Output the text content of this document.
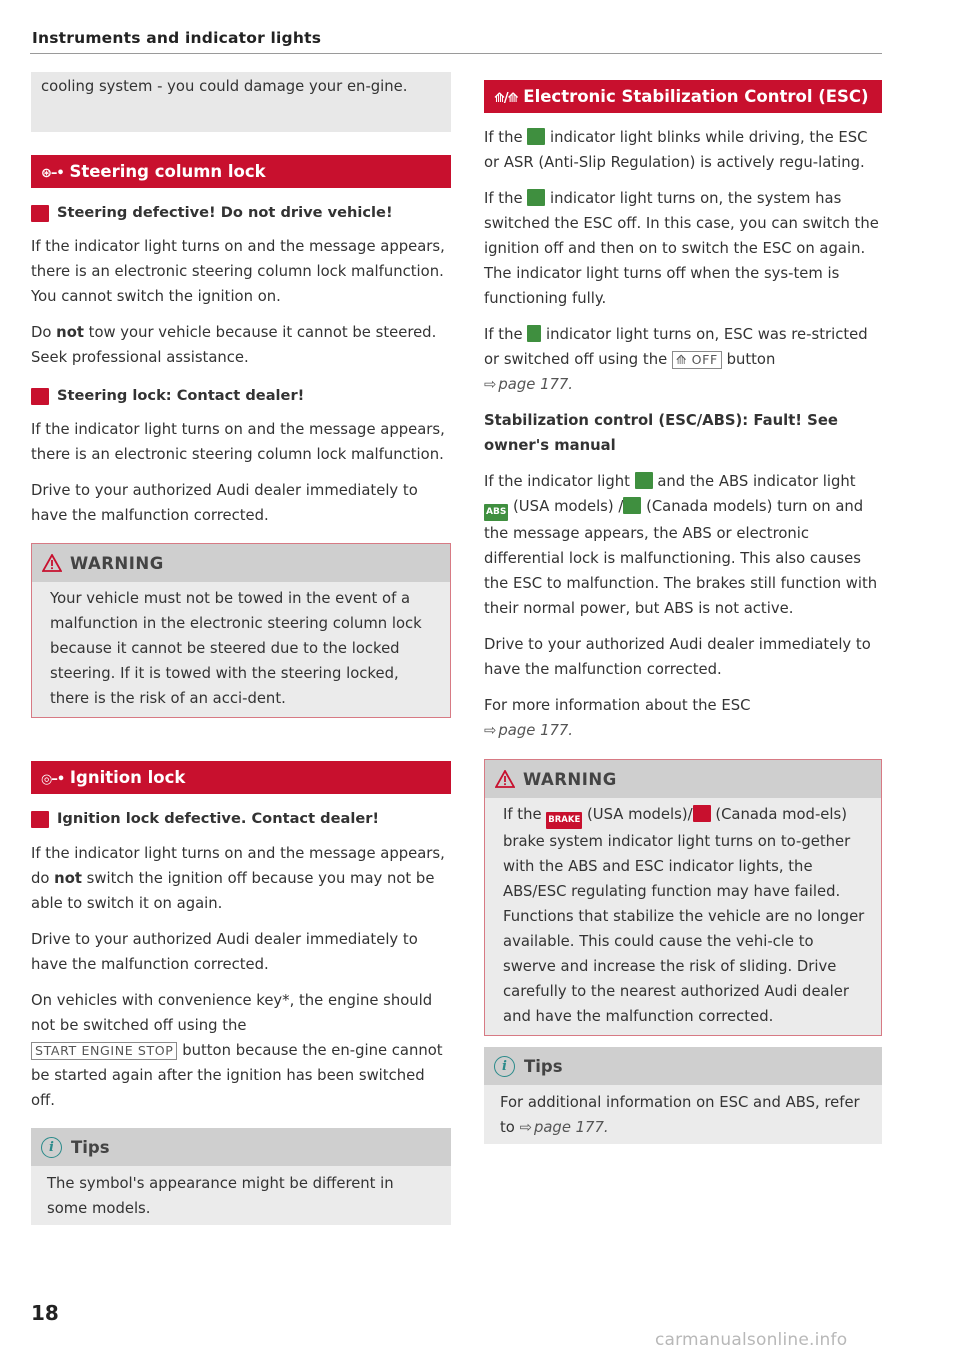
Instruments and indicator lights
cooling system - you could damage your en-gine.
⊛–• Steering column lock
Steering defective! Do not drive vehicle!
If the indicator light turns on and the message appears, there is an electronic steering column lock malfunction. You cannot switch the ignition on.
Do not tow your vehicle because it cannot be steered. Seek professional assistance.
Steering lock: Contact dealer!
If the indicator light turns on and the message appears, there is an electronic steering column lock malfunction.
Drive to your authorized Audi dealer immediately to have the malfunction corrected.
WARNING
Your vehicle must not be towed in the event of a malfunction in the electronic steering column lock because it cannot be steered due to the locked steering. If it is towed with the steering locked, there is the risk of an acci-dent.
◎–• Ignition lock
Ignition lock defective. Contact dealer!
If the indicator light turns on and the message appears, do not switch the ignition off because you may not be able to switch it on again.
Drive to your authorized Audi dealer immediately to have the malfunction corrected.
On vehicles with convenience key*, the engine should not be switched off using the
START ENGINE STOP button because the en-gine cannot be started again after the ignition has been switched off.
i	Tips
The symbol's appearance might be different in some models.
⟰/⟰ Electronic Stabilization Control (ESC)
If the  indicator light blinks while driving, the ESC or ASR (Anti-Slip Regulation) is actively regu-lating.
If the  indicator light turns on, the system has switched the ESC off. In this case, you can switch the ignition off and then on to switch the ESC on again. The indicator light turns off when the sys-tem is functioning fully.
If the  indicator light turns on, ESC was re-stricted or switched off using the ⟰ OFF button
⇨ page 177.
Stabilization control (ESC/ABS): Fault! See owner's manual
If the indicator light  and the ABS indicator light ABS (USA models) / (Canada models) turn on and the message appears, the ABS or electronic differential lock is malfunctioning. This also causes the ESC to malfunction. The brakes still function with their normal power, but ABS is not active.
Drive to your authorized Audi dealer immediately to have the malfunction corrected.
For more information about the ESC
⇨ page 177.
WARNING
If the BRAKE (USA models)/ (Canada mod-els) brake system indicator light turns on to-gether with the ABS and ESC indicator lights, the ABS/ESC regulating function may have failed. Functions that stabilize the vehicle are no longer available. This could cause the vehi-cle to swerve and increase the risk of sliding. Drive carefully to the nearest authorized Audi dealer and have the malfunction corrected.
i	Tips
For additional information on ESC and ABS, refer to ⇨ page 177.
18
carmanualsonline.info
